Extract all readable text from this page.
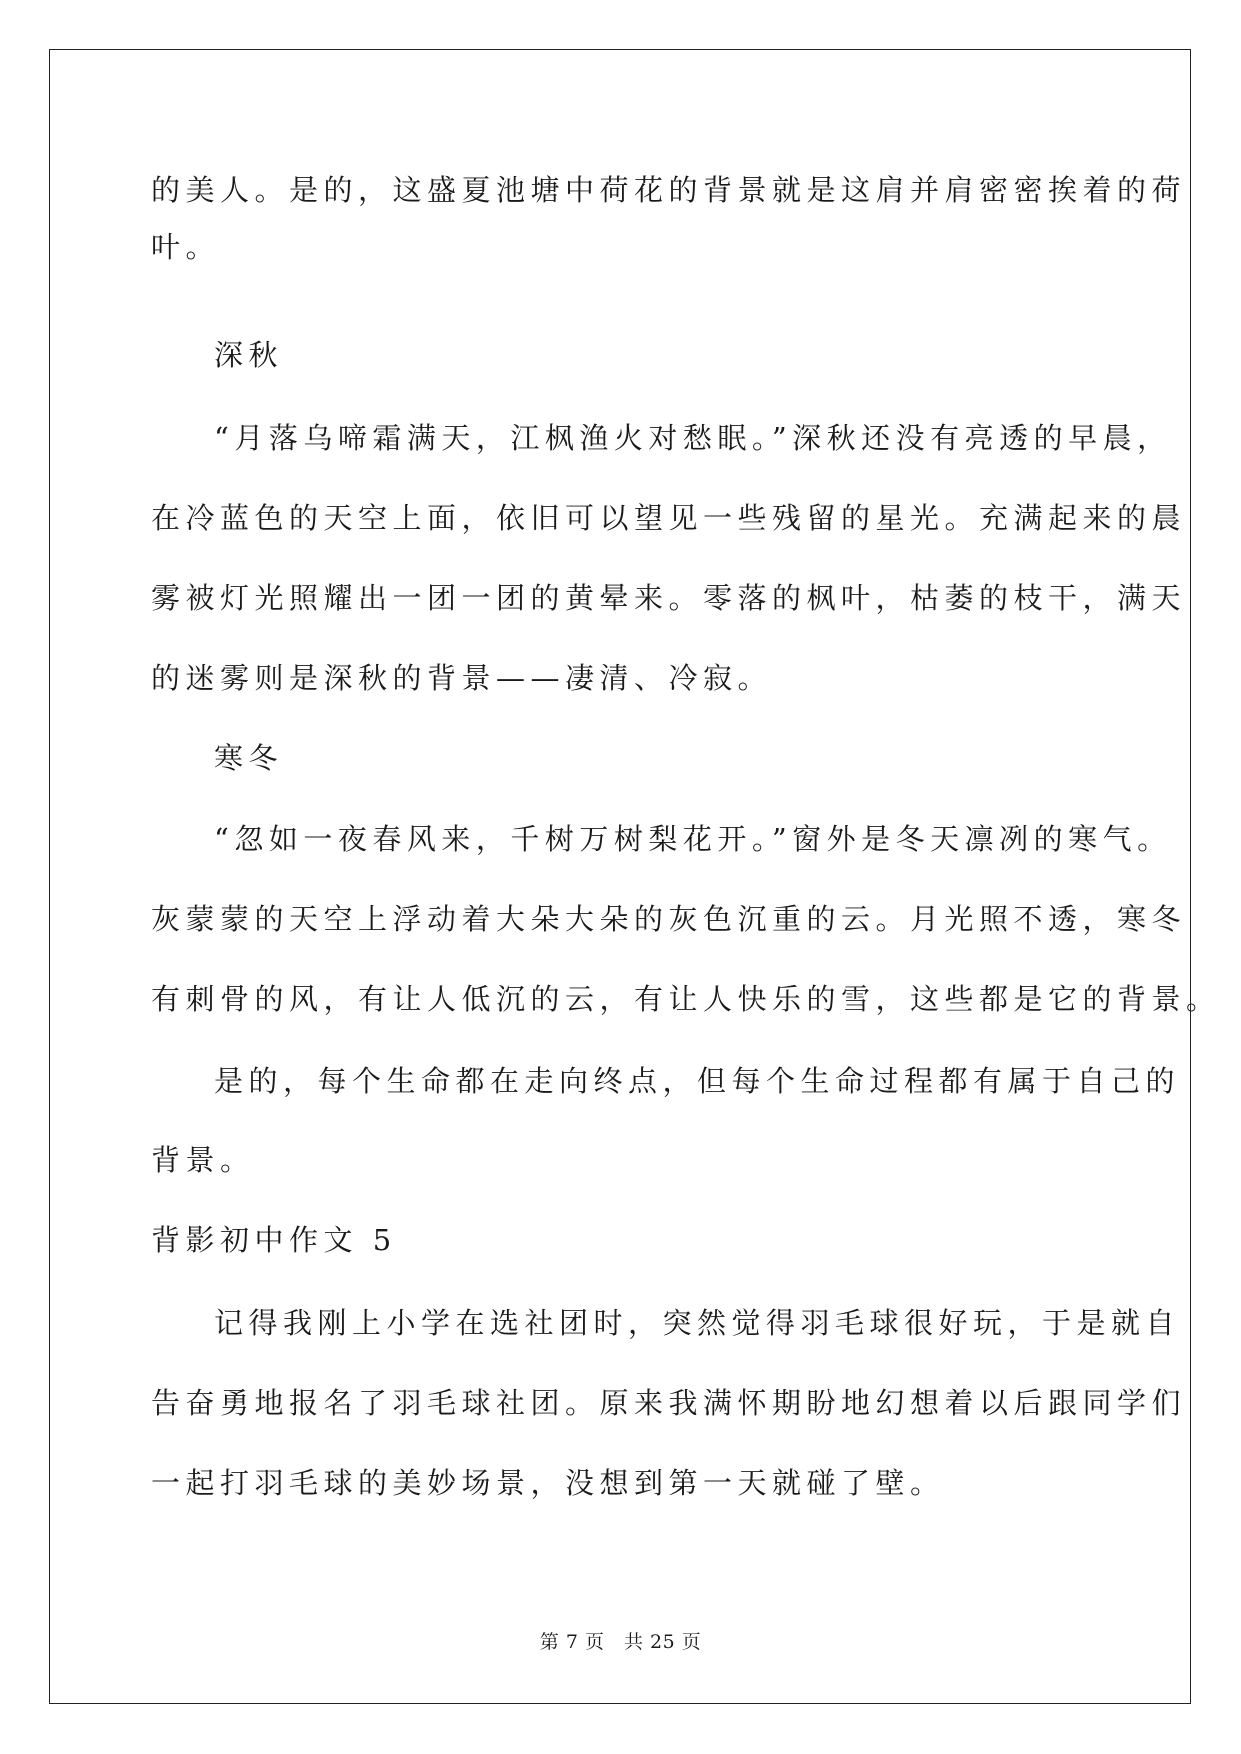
的美人。是的，这盛夏池塘中荷花的背景就是这肩并肩密密挨着的荷

叶。

深秋

“月落乌啼霜满天，江枫渔火对愁眠。”深秋还没有亮透的早晨，

在冷蓝色的天空上面，依旧可以望见一些残留的星光。充满起来的晨

雾被灯光照耀出一团一团的黄晕来。零落的枫叶，枯萎的枝干，满天

的迷雾则是深秋的背景——凄清、冷寂。

寒冬

“忽如一夜春风来，千树万树梨花开。”窗外是冬天凛冽的寒气。

灰蒙蒙的天空上浮动着大朵大朵的灰色沉重的云。月光照不透，寒冬

有刺骨的风，有让人低沉的云，有让人快乐的雪，这些都是它的背景。

是的，每个生命都在走向终点，但每个生命过程都有属于自己的

背景。

背影初中作文 5

记得我刚上小学在选社团时，突然觉得羽毛球很好玩，于是就自

告奋勇地报名了羽毛球社团。原来我满怀期盼地幻想着以后跟同学们

一起打羽毛球的美妙场景，没想到第一天就碰了壁。

第 7 页　共 25 页
